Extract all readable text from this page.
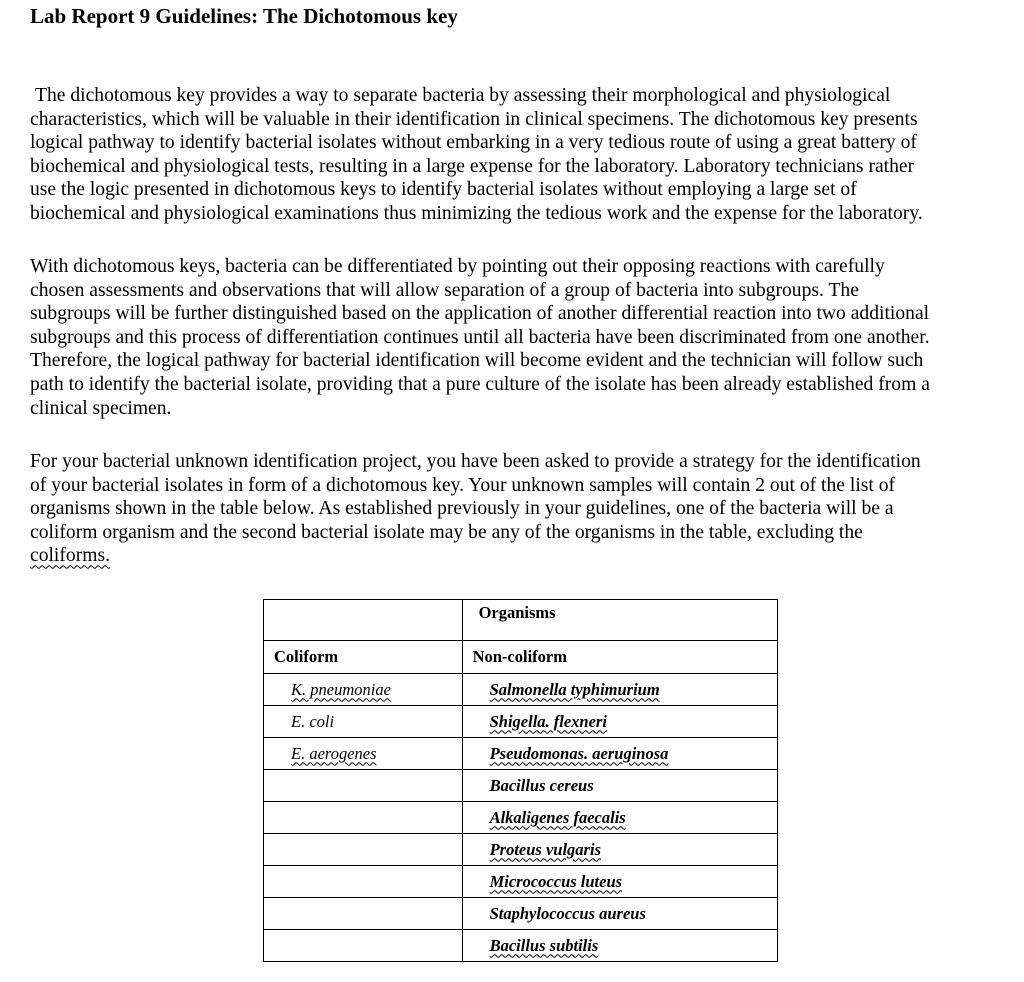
Lab Report 9 Guidelines: The Dichotomous key

The dichotomous key provides a way to separate bacteria by assessing their morphological and physiological
characteristics, which will be valuable in their identification in clinical specimens. The dichotomous key presents
logical pathway to identify bacterial isolates without embarking in a very tedious route of using a great battery of
biochemical and physiological tests, resulting in a large expense for the laboratory. Laboratory technicians rather
use the logic presented in dichotomous keys to identify bacterial isolates without employing a large set of
biochemical and physiological examinations thus minimizing the tedious work and the expense for the laboratory.

With dichotomous keys, bacteria can be differentiated by pointing out their opposing reactions with carefully
chosen assessments and observations that will allow separation of a group of bacteria into subgroups. The
subgroups will be further distinguished based on the application of another differential reaction into two additional
subgroups and this process of differentiation continues until all bacteria have been discriminated from one another.
Therefore, the logical pathway for bacterial identification will become evident and the technician will follow such
path to identify the bacterial isolate, providing that a pure culture of the isolate has been already established from a
clinical specimen.

For your bacterial unknown identification project, you have been asked to provide a strategy for the identification
of your bacterial isolates in form of a dichotomous key. Your unknown samples will contain 2 out of the list of
organisms shown in the table below. As established previously in your guidelines, one of the bacteria will be a
coliform organism and the second bacterial isolate may be any of the organisms in the table, excluding the
coliforms.

	Organisms
Coliform	Non-coliform
K. pneumoniae	Salmonella typhimurium
E. coli	Shigella. flexneri
E. aerogenes	Pseudomonas. aeruginosa
	Bacillus cereus
	Alkaligenes faecalis
	Proteus vulgaris
	Micrococcus luteus
	Staphylococcus aureus
	Bacillus subtilis
